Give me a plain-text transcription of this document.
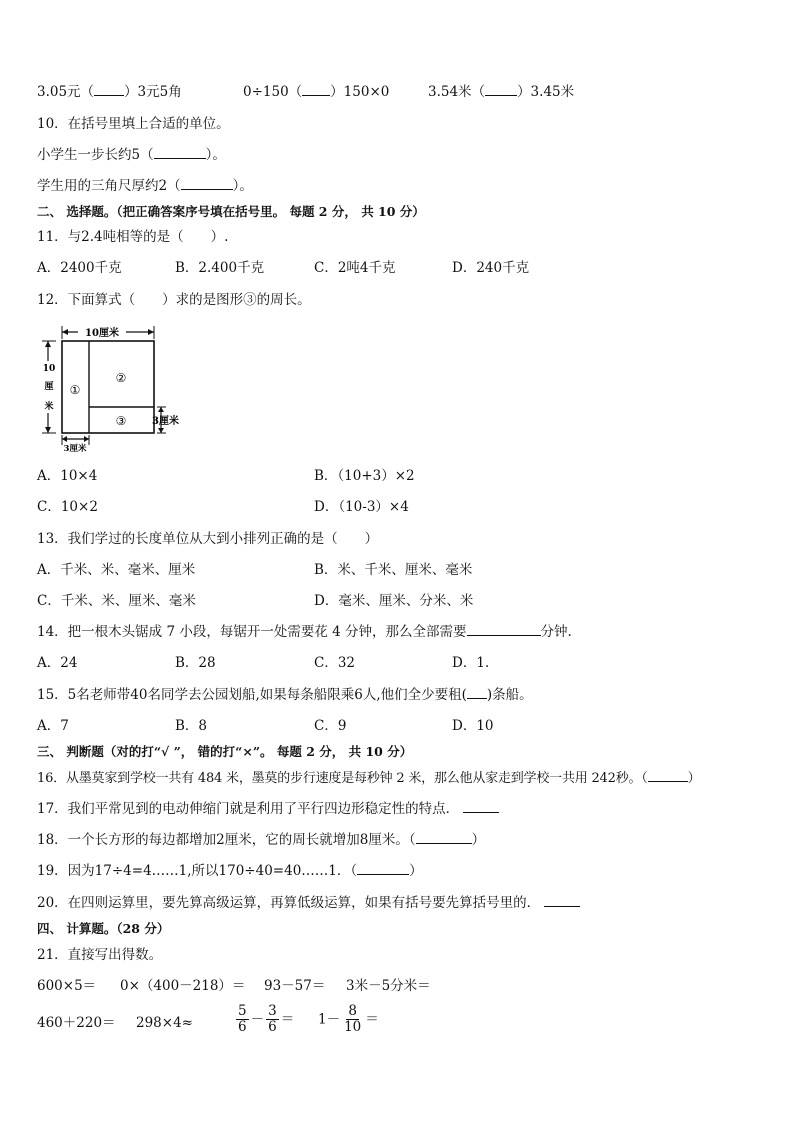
3.05元（ ）3元5角	0÷150（ ）150×0	3.54米（ ）3.45米
10．在括号里填上合适的单位。
小学生一步长约5（	）。
学生用的三角尺厚约2（	）。
二、 选择题。（把正确答案序号填在括号里。 每题 2 分， 共 10 分）
11．与2.4吨相等的是（　　）.
A．2400千克	B．2.400千克	C．2吨4千克	D．240千克
12．下面算式（　　）求的是图形③的周长。
10厘米
10
厘
米
①
②
③	3厘米
3厘米
A．10×4	B．（10+3）×2
C．10×2	D．（10-3）×4
13．我们学过的长度单位从大到小排列正确的是（　　）
A．千米、米、毫米、厘米	B．米、千米、厘米、毫米
C．千米、米、厘米、毫米	D．毫米、厘米、分米、米
14．把一根木头锯成 7 小段，每锯开一处需要花 4 分钟，那么全部需要	分钟.
A．24	B．28	C．32	D．1.
15．5名老师带40名同学去公园划船,如果每条船限乘6人,他们全少要租( )条船。
A．7	B．8	C．9	D．10
三、 判断题（对的打“√ ”， 错的打“×”。 每题 2 分， 共 10 分）
16．从墨莫家到学校一共有 484 米，墨莫的步行速度是每秒钟 2 米，那么他从家走到学校一共用 242秒。（	）
17．我们平常见到的电动伸缩门就是利用了平行四边形稳定性的特点．
18．一个长方形的每边都增加2厘米，它的周长就增加8厘米。（	）
19．因为17÷4=4……1,所以170÷40=40……1．（	）
20．在四则运算里，要先算高级运算，再算低级运算，如果有括号要先算括号里的．
四、 计算题。（28 分）
21．直接写出得数。
600×5＝ 0×（400－218）＝ 93－57＝ 3米－5分米＝
460＋220＝ 298×4≈	$\frac{5}{6} - \frac{3}{6} = 1- \frac{8}{10}$ ＝
